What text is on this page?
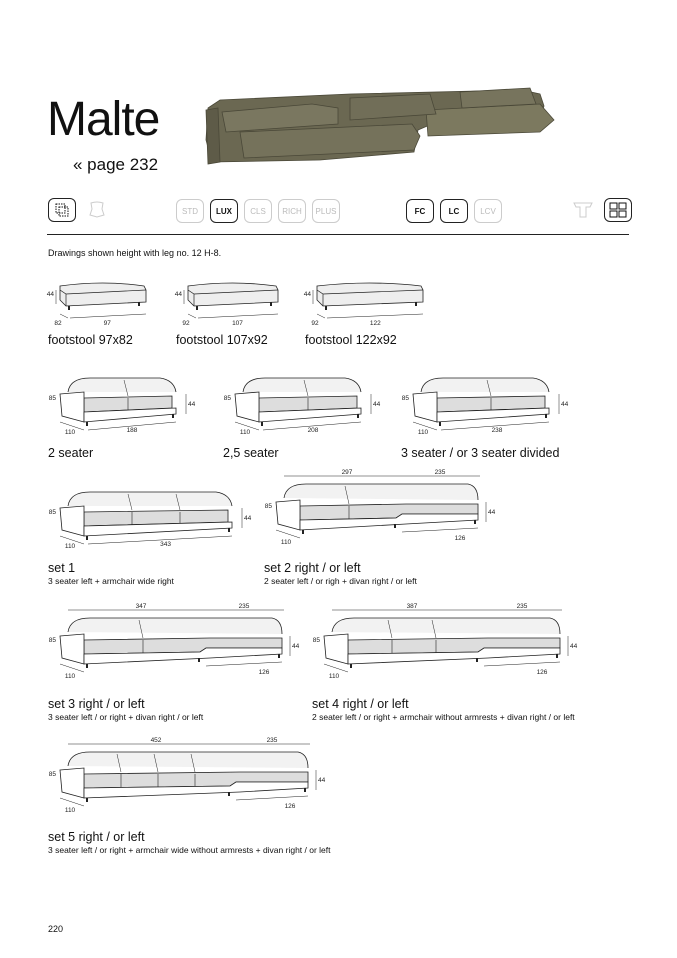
Malte
« page 232
STD	LUX	CLS	RICH	PLUS	FC	LC	LCV
Drawings shown height with leg no. 12 H-8.
44
82	97
footstool 97x82
44
92	107
footstool 107x92
44
92	122
footstool 122x92
85
44
110	188
2 seater
85
44
110	208
2,5 seater
85
44
110	238
3 seater / or 3 seater divided
85
44
110	343
set 1
3 seater left + armchair wide right
85
44
110
297	235
126
set 2 right / or left
2 seater left / or righ + divan right / or left
85
44
110
347	235
126
set 3 right / or left
3 seater left / or right + divan right / or left
85
44
110
387	235
126
set 4 right / or left
2 seater left / or right + armchair without armrests + divan right / or left
85
44
110
452	235
126
set 5 right / or left
3 seater left / or right + armchair wide without armrests + divan right / or left
220
